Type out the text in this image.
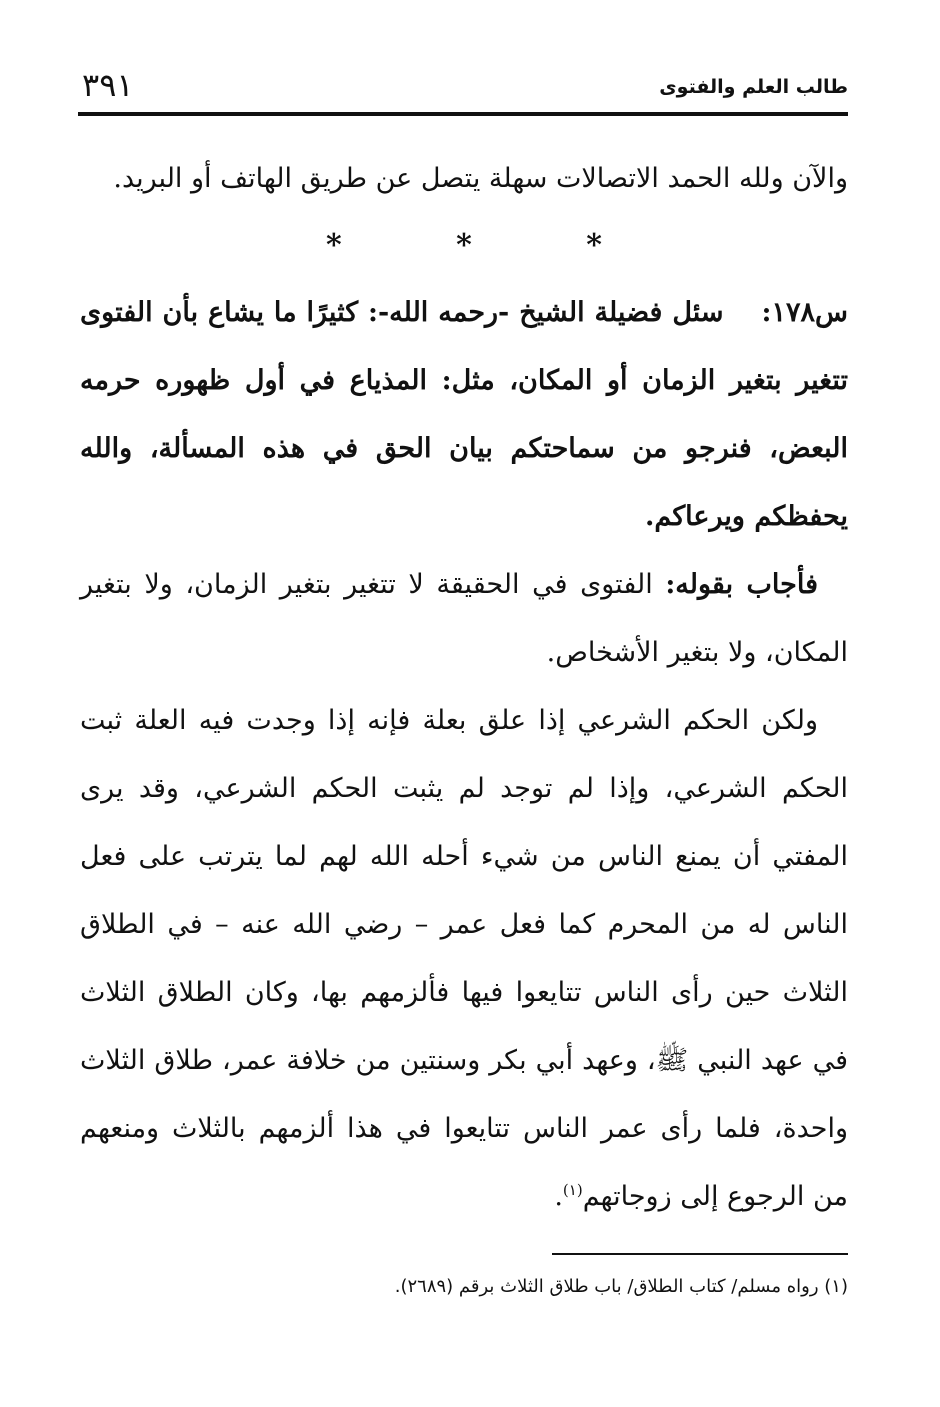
طالب العلم والفتوى
٣٩١

والآن ولله الحمد الاتصالات سهلة يتصل عن طريق الهاتف أو البريد.

* * *

س١٧٨:سئل فضيلة الشيخ -رحمه الله-: كثيرًا ما يشاع بأن الفتوى تتغير بتغير الزمان أو المكان، مثل: المذياع في أول ظهوره حرمه البعض، فنرجو من سماحتكم بيان الحق في هذه المسألة، والله يحفظكم ويرعاكم.

فأجاب بقوله: الفتوى في الحقيقة لا تتغير بتغير الزمان، ولا بتغير المكان، ولا بتغير الأشخاص.

ولكن الحكم الشرعي إذا علق بعلة فإنه إذا وجدت فيه العلة ثبت الحكم الشرعي، وإذا لم توجد لم يثبت الحكم الشرعي، وقد يرى المفتي أن يمنع الناس من شيء أحله الله لهم لما يترتب على فعل الناس له من المحرم كما فعل عمر – رضي الله عنه – في الطلاق الثلاث حين رأى الناس تتايعوا فيها فألزمهم بها، وكان الطلاق الثلاث في عهد النبي ﷺ، وعهد أبي بكر وسنتين من خلافة عمر، طلاق الثلاث واحدة، فلما رأى عمر الناس تتايعوا في هذا ألزمهم بالثلاث ومنعهم من الرجوع إلى زوجاتهم$^{(١)}$.

(١) رواه مسلم/ كتاب الطلاق/ باب طلاق الثلاث برقم (٢٦٨٩).
